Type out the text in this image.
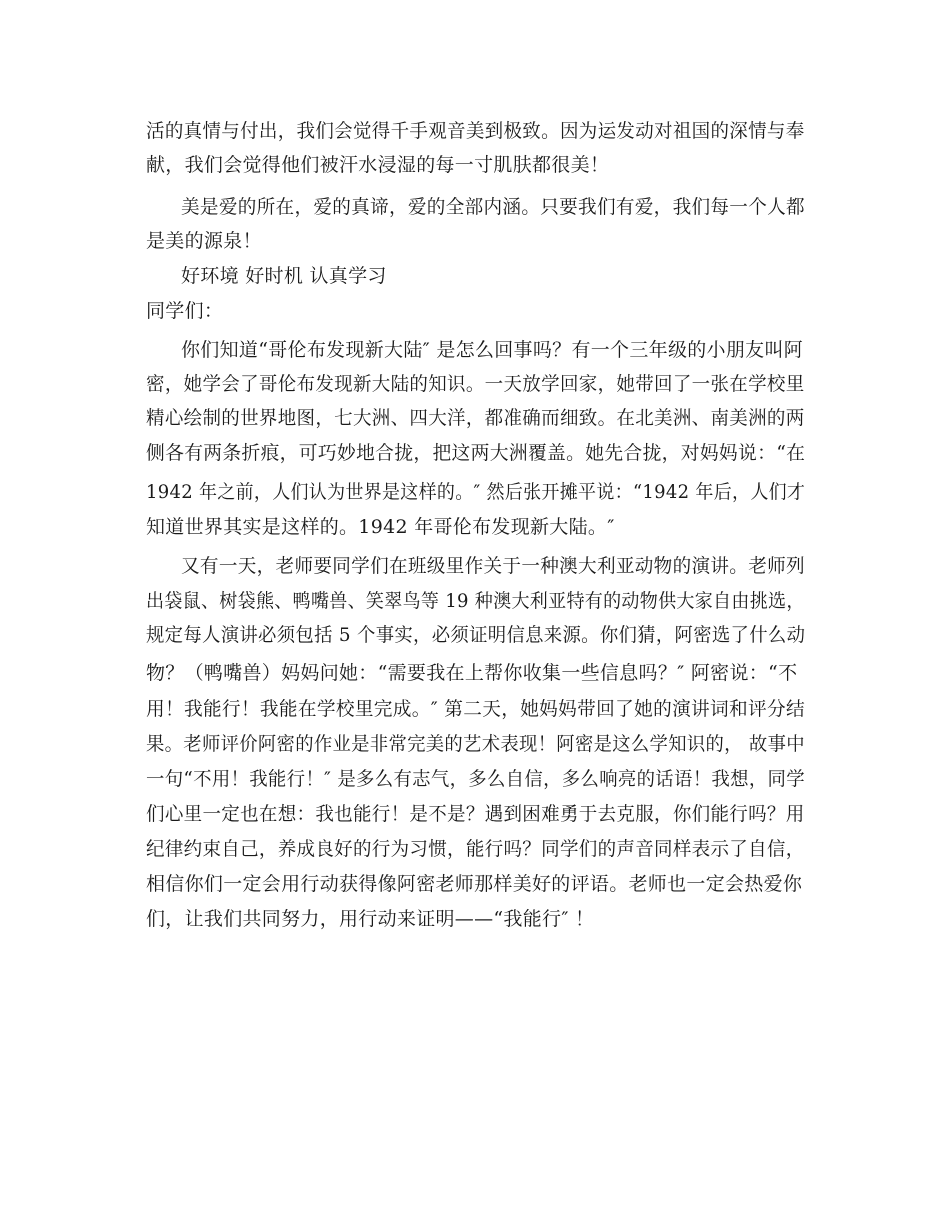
活的真情与付出，我们会觉得千手观音美到极致。因为运发动对祖国的深情与奉
献，我们会觉得他们被汗水浸湿的每一寸肌肤都很美！
美是爱的所在，爱的真谛，爱的全部内涵。只要我们有爱，我们每一个人都
是美的源泉！
好环境 好时机 认真学习
同学们：
你们知道“哥伦布发现新大陆″ 是怎么回事吗？有一个三年级的小朋友叫阿
密，她学会了哥伦布发现新大陆的知识。一天放学回家，她带回了一张在学校里
精心绘制的世界地图，七大洲、四大洋，都准确而细致。在北美洲、南美洲的两
侧各有两条折痕，可巧妙地合拢，把这两大洲覆盖。她先合拢，对妈妈说：“在
1942 年之前，人们认为世界是这样的。″ 然后张开摊平说：“1942 年后，人们才
知道世界其实是这样的。1942 年哥伦布发现新大陆。″
又有一天，老师要同学们在班级里作关于一种澳大利亚动物的演讲。老师列
出袋鼠、树袋熊、鸭嘴兽、笑翠鸟等 19 种澳大利亚特有的动物供大家自由挑选，
规定每人演讲必须包括 5 个事实，必须证明信息来源。你们猜，阿密选了什么动
物？（鸭嘴兽）妈妈问她：“需要我在上帮你收集一些信息吗？″ 阿密说：“不
用！我能行！我能在学校里完成。″ 第二天，她妈妈带回了她的演讲词和评分结
果。老师评价阿密的作业是非常完美的艺术表现！阿密是这么学知识的， 故事中
一句“不用！我能行！″ 是多么有志气，多么自信，多么响亮的话语！我想，同学
们心里一定也在想：我也能行！是不是？遇到困难勇于去克服，你们能行吗？用
纪律约束自己，养成良好的行为习惯，能行吗？同学们的声音同样表示了自信，
相信你们一定会用行动获得像阿密老师那样美好的评语。老师也一定会热爱你
们，让我们共同努力，用行动来证明——“我能行″ ！
